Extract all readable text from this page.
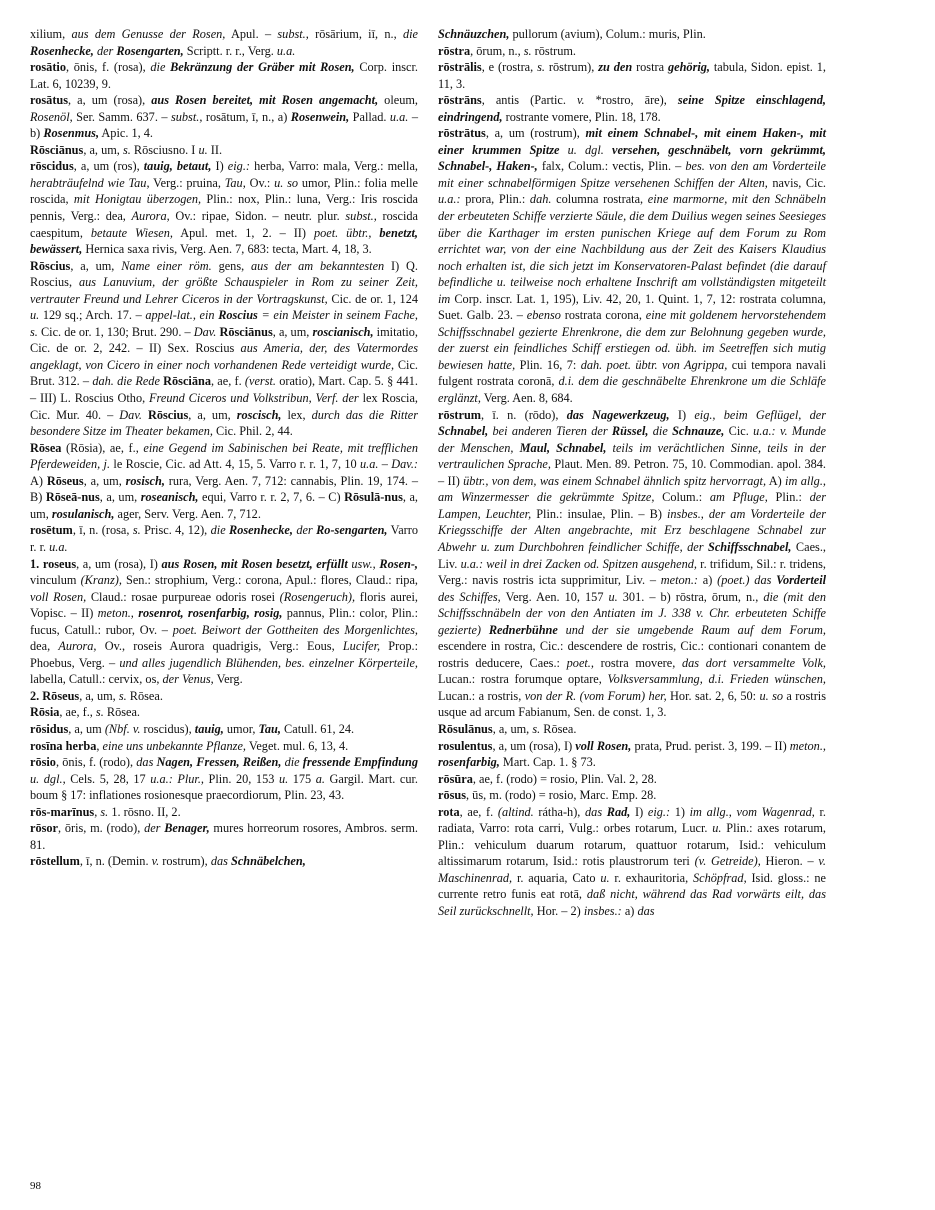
xilium, aus dem Genusse der Rosen, Apul. – subst., rōsārium, iī, n., die Rosenhecke, der Rosengarten, Scriptt. r. r., Verg. u.a.
rosātio, ōnis, f. (rosa), die Bekränzung der Gräber mit Rosen, Corp. inscr. Lat. 6, 10239, 9.
rosātus, a, um (rosa), aus Rosen bereitet, mit Rosen angemacht, oleum, Rosenöl, Ser. Samm. 637. – subst., rosātum, ī, n., a) Rosenwein, Pallad. u.a. – b) Rosenmus, Apic. 1, 4.
Rōsciānus, a, um, s. Rōsciusno. I u. II.
rōscidus, a, um (ros), tauig, betaut, I) eig.: herba, Varro: mala, Verg.: mella, herabträufelnd wie Tau, Verg.: pruina, Tau, Ov.: u. so umor, Plin.: folia melle roscida, mit Honigtau überzogen, Plin.: nox, Plin.: luna, Verg.: Iris roscida pennis, Verg.: dea, Aurora, Ov.: ripae, Sidon. – neutr. plur. subst., roscida caespitum, betaute Wiesen, Apul. met. 1, 2. – II) poet. übtr., benetzt, bewässert, Hernica saxa rivis, Verg. Aen. 7, 683: tecta, Mart. 4, 18, 3.
Rōscius, a, um, Name einer röm. gens, aus der am bekanntesten I) Q. Roscius, aus Lanuvium, der größte Schauspieler in Rom zu seiner Zeit, vertrauter Freund und Lehrer Ciceros in der Vortragskunst, Cic. de or. 1, 124 u. 129 sq.; Arch. 17. – appel-lat., ein Roscius = ein Meister in seinem Fache, s. Cic. de or. 1, 130; Brut. 290. – Dav. Rōsciānus, a, um, roscianisch, imitatio, Cic. de or. 2, 242. – II) Sex. Roscius aus Ameria, der, des Vatermordes angeklagt, von Cicero in einer noch vorhandenen Rede verteidigt wurde, Cic. Brut. 312. – dah. die Rede Rōsciāna, ae, f. (verst. oratio), Mart. Cap. 5. § 441. – III) L. Roscius Otho, Freund Ciceros und Volkstribun, Verf. der lex Roscia, Cic. Mur. 40. – Dav. Rōscius, a, um, roscisch, lex, durch das die Ritter besondere Sitze im Theater bekamen, Cic. Phil. 2, 44.
Rōsea (Rōsia), ae, f., eine Gegend im Sabinischen bei Reate, mit trefflichen Pferdeweiden, j. le Roscie, Cic. ad Att. 4, 15, 5. Varro r. r. 1, 7, 10 u.a. – Dav.: A) Rōseus, a, um, rosisch, rura, Verg. Aen. 7, 712: cannabis, Plin. 19, 174. – B) Rōseā-nus, a, um, roseanisch, equi, Varro r. r. 2, 7, 6. – C) Rōsulā-nus, a, um, rosulanisch, ager, Serv. Verg. Aen. 7, 712.
rosētum, ī, n. (rosa, s. Prisc. 4, 12), die Rosenhecke, der Ro-sengarten, Varro r. r. u.a.
1. roseus, a, um (rosa), I) aus Rosen, mit Rosen besetzt, erfüllt usw., Rosen-, vinculum (Kranz), Sen.: strophium, Verg.: corona, Apul.: flores, Claud.: ripa, voll Rosen, Claud.: rosae purpureae odoris rosei (Rosengeruch), floris aurei, Vopisc. – II) meton., rosenrot, rosenfarbig, rosig, pannus, Plin.: color, Plin.: fucus, Catull.: rubor, Ov. – poet. Beiwort der Gottheiten des Morgenlichtes, dea, Aurora, Ov., roseis Aurora quadrigis, Verg.: Eous, Lucifer, Prop.: Phoebus, Verg. – und alles jugendlich Blühenden, bes. einzelner Körperteile, labella, Catull.: cervix, os, der Venus, Verg.
2. Rōseus, a, um, s. Rōsea.
Rōsia, ae, f., s. Rōsea.
rōsidus, a, um (Nbf. v. roscidus), tauig, umor, Tau, Catull. 61, 24.
rosīna herba, eine uns unbekannte Pflanze, Veget. mul. 6, 13, 4.
rōsio, ōnis, f. (rodo), das Nagen, Fressen, Reißen, die fressende Empfindung u. dgl., Cels. 5, 28, 17 u.a.: Plur., Plin. 20, 153 u. 175 a. Gargil. Mart. cur. boum § 17: inflationes rosionesque praecordiorum, Plin. 23, 43.
rōs-marīnus, s. 1. rōsno. II, 2.
rōsor, ōris, m. (rodo), der Benager, mures horreorum rosores, Ambros. serm. 81.
rōstellum, ī, n. (Demin. v. rostrum), das Schnäbelchen,
Schnäuzchen, pullorum (avium), Colum.: muris, Plin.
rōstra, ōrum, n., s. rōstrum.
rōstrālis, e (rostra, s. rōstrum), zu den rostra gehörig, tabula, Sidon. epist. 1, 11, 3.
rōstrāns, antis (Partic. v. *rostro, āre), seine Spitze einschlagend, eindringend, rostrante vomere, Plin. 18, 178.
rōstrātus, a, um (rostrum), mit einem Schnabel-, mit einem Haken-, mit einer krummen Spitze u. dgl. versehen, geschnäbelt, vorn gekrümmt, Schnabel-, Haken-, falx, Colum.: vectis, Plin. – bes. von den am Vorderteile mit einer schnabelförmigen Spitze versehenen Schiffen der Alten, navis, Cic. u.a.: prora, Plin.: dah. columna rostrata, eine marmorne, mit den Schnäbeln der erbeuteten Schiffe verzierte Säule, die dem Duilius wegen seines Seesieges über die Karthager im ersten punischen Kriege auf dem Forum zu Rom errichtet war, von der eine Nachbildung aus der Zeit des Kaisers Klaudius noch erhalten ist, die sich jetzt im Konservatoren-Palast befindet (die darauf befindliche u. teilweise noch erhaltene Inschrift am vollständigsten mitgeteilt im Corp. inscr. Lat. 1, 195), Liv. 42, 20, 1. Quint. 1, 7, 12: rostrata columna, Suet. Galb. 23. – ebenso rostrata corona, eine mit goldenem hervorstehendem Schiffsschnabel gezierte Ehrenkrone, die dem zur Belohnung gegeben wurde, der zuerst ein feindliches Schiff erstiegen od. übh. im Seetreffen sich mutig bewiesen hatte, Plin. 16, 7: dah. poet. übtr. von Agrippa, cui tempora navali fulgent rostrata coronā, d.i. dem die geschnäbelte Ehrenkrone um die Schläfe erglänzt, Verg. Aen. 8, 684.
rōstrum, ī. n. (rōdo), das Nagewerkzeug, I) eig., beim Geflügel, der Schnabel, bei anderen Tieren der Rüssel, die Schnauze, Cic. u.a.: v. Munde der Menschen, Maul, Schnabel, teils im verächtlichen Sinne, teils in der vertraulichen Sprache, Plaut. Men. 89. Petron. 75, 10. Commodian. apol. 384. – II) übtr., von dem, was einem Schnabel ähnlich spitz hervorragt, A) im allg., am Winzermesser die gekrümmte Spitze, Colum.: am Pfluge, Plin.: der Lampen, Leuchter, Plin.: insulae, Plin. – B) insbes., der am Vorderteile der Kriegsschiffe der Alten angebrachte, mit Erz beschlagene Schnabel zur Abwehr u. zum Durchbohren feindlicher Schiffe, der Schiffsschnabel, Caes., Liv. u.a.: weil in drei Zacken od. Spitzen ausgehend, r. trifidum, Sil.: r. tridens, Verg.: navis rostris icta supprimitur, Liv. – meton.: a) (poet.) das Vorderteil des Schiffes, Verg. Aen. 10, 157 u. 301. – b) rōstra, ōrum, n., die (mit den Schiffsschnäbeln der von den Antiaten im J. 338 v. Chr. erbeuteten Schiffe gezierte) Rednerbühne und der sie umgebende Raum auf dem Forum, escendere in rostra, Cic.: descendere de rostris, Cic.: contionari conantem de rostris deducere, Caes.: poet., rostra movere, das dort versammelte Volk, Lucan.: rostra forumque optare, Volksversammlung, d.i. Frieden wünschen, Lucan.: a rostris, von der R. (vom Forum) her, Hor. sat. 2, 6, 50: u. so a rostris usque ad arcum Fabianum, Sen. de const. 1, 3.
Rōsulānus, a, um, s. Rōsea.
rosulentus, a, um (rosa), I) voll Rosen, prata, Prud. perist. 3, 199. – II) meton., rosenfarbig, Mart. Cap. 1. § 73.
rōsūra, ae, f. (rodo) = rosio, Plin. Val. 2, 28.
rōsus, ūs, m. (rodo) = rosio, Marc. Emp. 28.
rota, ae, f. (altind. rátha-h), das Rad, I) eig.: 1) im allg., vom Wagenrad, r. radiata, Varro: rota carri, Vulg.: orbes rotarum, Lucr. u. Plin.: axes rotarum, Plin.: vehiculum duarum rotarum, quattuor rotarum, Isid.: vehiculum altissimarum rotarum, Isid.: rotis plaustrorum teri (v. Getreide), Hieron. – v. Maschinenrad, r. aquaria, Cato u. r. exhauritoria, Schöpfrad, Isid. gloss.: ne currente retro funis eat rotā, daß nicht, während das Rad vorwärts eilt, das Seil zurückschnellt, Hor. – 2) insbes.: a) das
98
